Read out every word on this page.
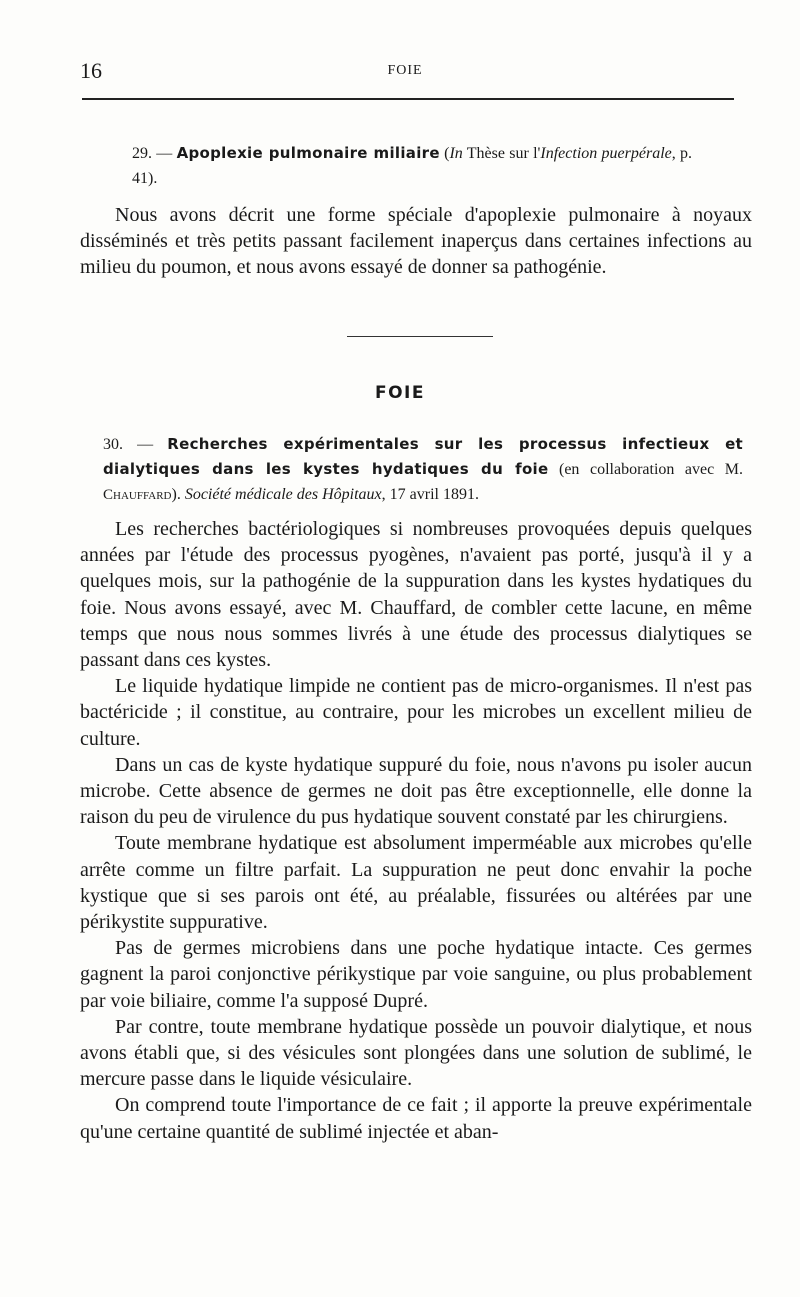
16	FOIE
29. — Apoplexie pulmonaire miliaire (In Thèse sur l'Infection puerpérale, p. 41).

Nous avons décrit une forme spéciale d'apoplexie pulmonaire à noyaux disséminés et très petits passant facilement inaperçus dans certaines infections au milieu du poumon, et nous avons essayé de donner sa pathogénie.

FOIE
30. — Recherches expérimentales sur les processus infectieux et dialytiques dans les kystes hydatiques du foie (en collaboration avec M. Chauffard). Société médicale des Hôpitaux, 17 avril 1891.

Les recherches bactériologiques si nombreuses provoquées depuis quelques années par l'étude des processus pyogènes, n'avaient pas porté, jusqu'à il y a quelques mois, sur la pathogénie de la suppuration dans les kystes hydatiques du foie. Nous avons essayé, avec M. Chauffard, de combler cette lacune, en même temps que nous nous sommes livrés à une étude des processus dialytiques se passant dans ces kystes.

Le liquide hydatique limpide ne contient pas de micro-organismes. Il n'est pas bactéricide ; il constitue, au contraire, pour les microbes un excellent milieu de culture.

Dans un cas de kyste hydatique suppuré du foie, nous n'avons pu isoler aucun microbe. Cette absence de germes ne doit pas être exceptionnelle, elle donne la raison du peu de virulence du pus hydatique souvent constaté par les chirurgiens.

Toute membrane hydatique est absolument imperméable aux microbes qu'elle arrête comme un filtre parfait. La suppuration ne peut donc envahir la poche kystique que si ses parois ont été, au préalable, fissurées ou altérées par une périkystite suppurative.

Pas de germes microbiens dans une poche hydatique intacte. Ces germes gagnent la paroi conjonctive périkystique par voie sanguine, ou plus probablement par voie biliaire, comme l'a supposé Dupré.

Par contre, toute membrane hydatique possède un pouvoir dialytique, et nous avons établi que, si des vésicules sont plongées dans une solution de sublimé, le mercure passe dans le liquide vésiculaire.

On comprend toute l'importance de ce fait ; il apporte la preuve expérimentale qu'une certaine quantité de sublimé injectée et aban-
